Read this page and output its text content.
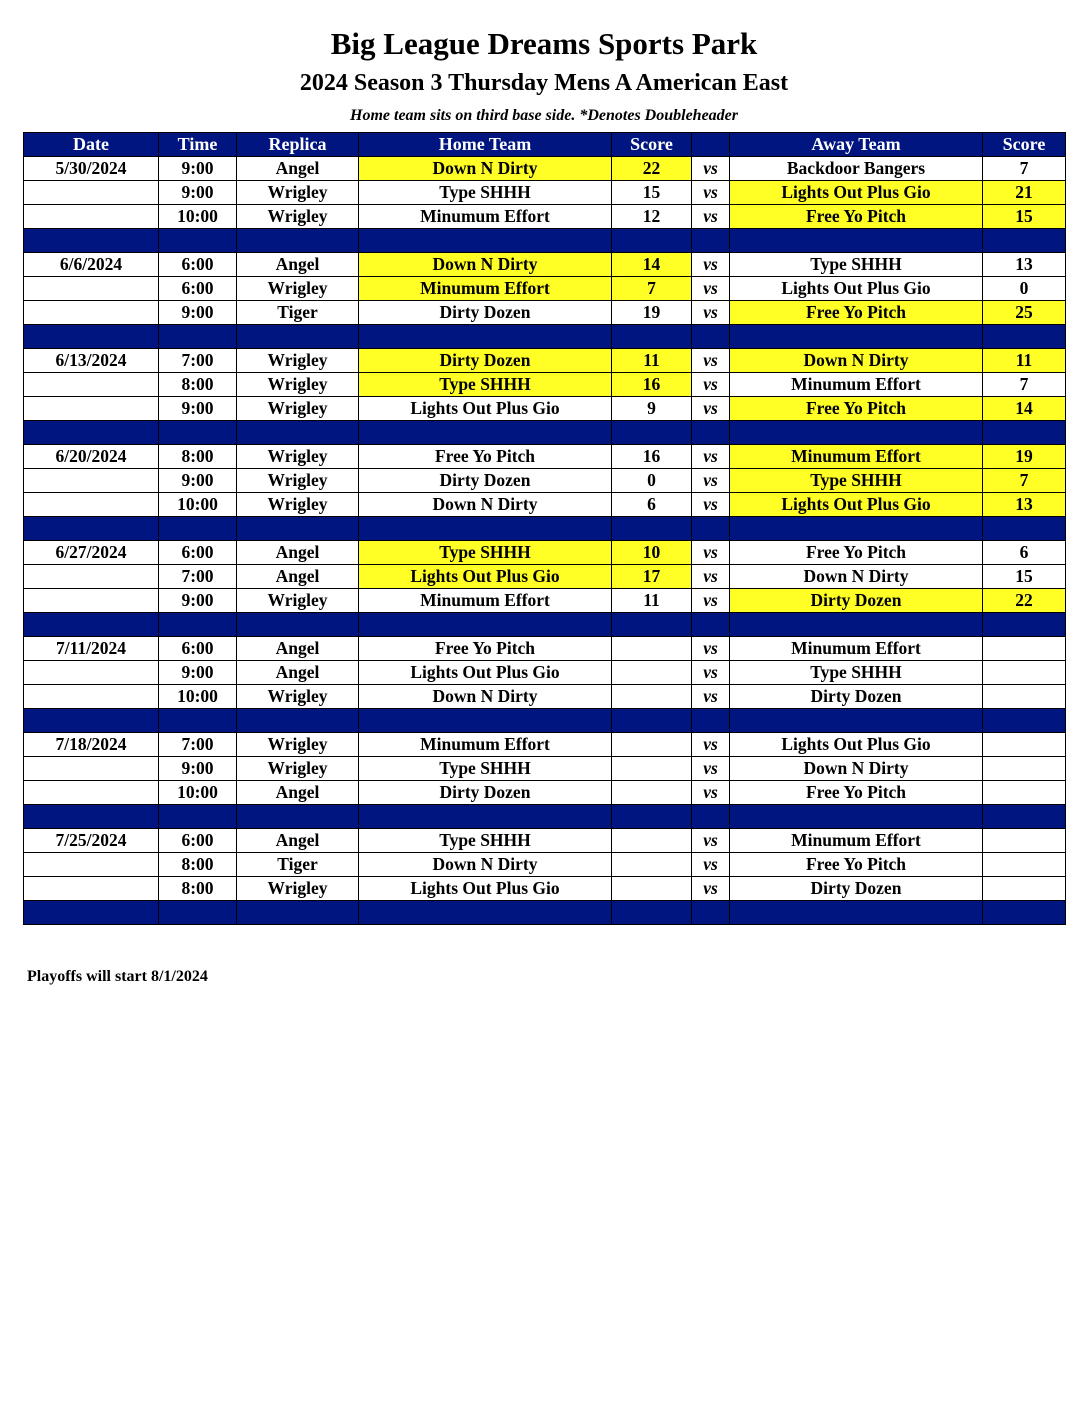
Big League Dreams Sports Park
2024 Season 3 Thursday Mens A American East
Home team sits on third base side. *Denotes Doubleheader
Date	Time	Replica	Home Team	Score		Away Team	Score
5/30/2024	9:00	Angel	Down N Dirty	22	vs	Backdoor Bangers	7
	9:00	Wrigley	Type SHHH	15	vs	Lights Out Plus Gio	21
	10:00	Wrigley	Minumum Effort	12	vs	Free Yo Pitch	15

6/6/2024	6:00	Angel	Down N Dirty	14	vs	Type SHHH	13
	6:00	Wrigley	Minumum Effort	7	vs	Lights Out Plus Gio	0
	9:00	Tiger	Dirty Dozen	19	vs	Free Yo Pitch	25

6/13/2024	7:00	Wrigley	Dirty Dozen	11	vs	Down N Dirty	11
	8:00	Wrigley	Type SHHH	16	vs	Minumum Effort	7
	9:00	Wrigley	Lights Out Plus Gio	9	vs	Free Yo Pitch	14

6/20/2024	8:00	Wrigley	Free Yo Pitch	16	vs	Minumum Effort	19
	9:00	Wrigley	Dirty Dozen	0	vs	Type SHHH	7
	10:00	Wrigley	Down N Dirty	6	vs	Lights Out Plus Gio	13

6/27/2024	6:00	Angel	Type SHHH	10	vs	Free Yo Pitch	6
	7:00	Angel	Lights Out Plus Gio	17	vs	Down N Dirty	15
	9:00	Wrigley	Minumum Effort	11	vs	Dirty Dozen	22

7/11/2024	6:00	Angel	Free Yo Pitch		vs	Minumum Effort	
	9:00	Angel	Lights Out Plus Gio		vs	Type SHHH	
	10:00	Wrigley	Down N Dirty		vs	Dirty Dozen	

7/18/2024	7:00	Wrigley	Minumum Effort		vs	Lights Out Plus Gio	
	9:00	Wrigley	Type SHHH		vs	Down N Dirty	
	10:00	Angel	Dirty Dozen		vs	Free Yo Pitch	

7/25/2024	6:00	Angel	Type SHHH		vs	Minumum Effort	
	8:00	Tiger	Down N Dirty		vs	Free Yo Pitch	
	8:00	Wrigley	Lights Out Plus Gio		vs	Dirty Dozen	

Playoffs will start 8/1/2024
